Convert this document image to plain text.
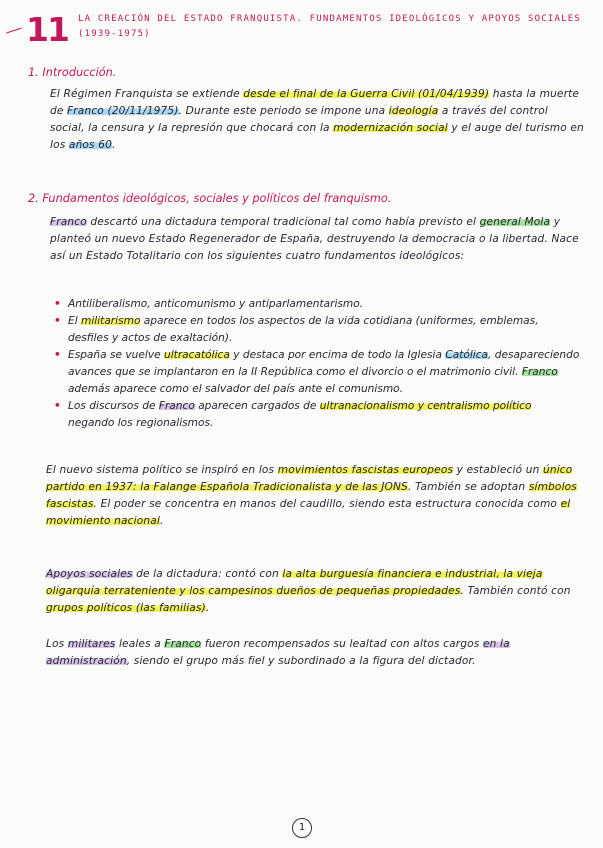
11 LA CREACIÓN DEL ESTADO FRANQUISTA. FUNDAMENTOS IDEOLÓGICOS Y APOYOS SOCIALES (1939-1975)
1. Introducción.
El Régimen Franquista se extiende desde el final de la Guerra Civil (01/04/1939) hasta la muerte de Franco (20/11/1975). Durante este periodo se impone una ideología a través del control social, la censura y la represión que chocará con la modernización social y el auge del turismo en los años 60.
2. Fundamentos ideológicos, sociales y políticos del franquismo.
Franco descartó una dictadura temporal tradicional tal como había previsto el general Mola y planteó un nuevo Estado Regenerador de España, destruyendo la democracia o la libertad. Nace así un Estado Totalitario con los siguientes cuatro fundamentos ideológicos:
• Antiliberalismo, anticomunismo y antiparlamentarismo.
• El militarismo aparece en todos los aspectos de la vida cotidiana (uniformes, emblemas, desfiles y actos de exaltación).
• España se vuelve ultracatólica y destaca por encima de todo la Iglesia Católica, desapareciendo avances que se implantaron en la II República como el divorcio o el matrimonio civil. Franco además aparece como el salvador del país ante el comunismo.
• Los discursos de Franco aparecen cargados de ultranacionalismo y centralismo político negando los regionalismos.
El nuevo sistema político se inspiró en los movimientos fascistas europeos y estableció un único partido en 1937: la Falange Española Tradicionalista y de las JONS. También se adoptan símbolos fascistas. El poder se concentra en manos del caudillo, siendo esta estructura conocida como el movimiento nacional.
Apoyos sociales de la dictadura: contó con la alta burguesía financiera e industrial, la vieja oligarquía terrateniente y los campesinos dueños de pequeñas propiedades. También contó con grupos políticos (las familias).
Los militares leales a Franco fueron recompensados su lealtad con altos cargos en la administración, siendo el grupo más fiel y subordinado a la figura del dictador.
1
